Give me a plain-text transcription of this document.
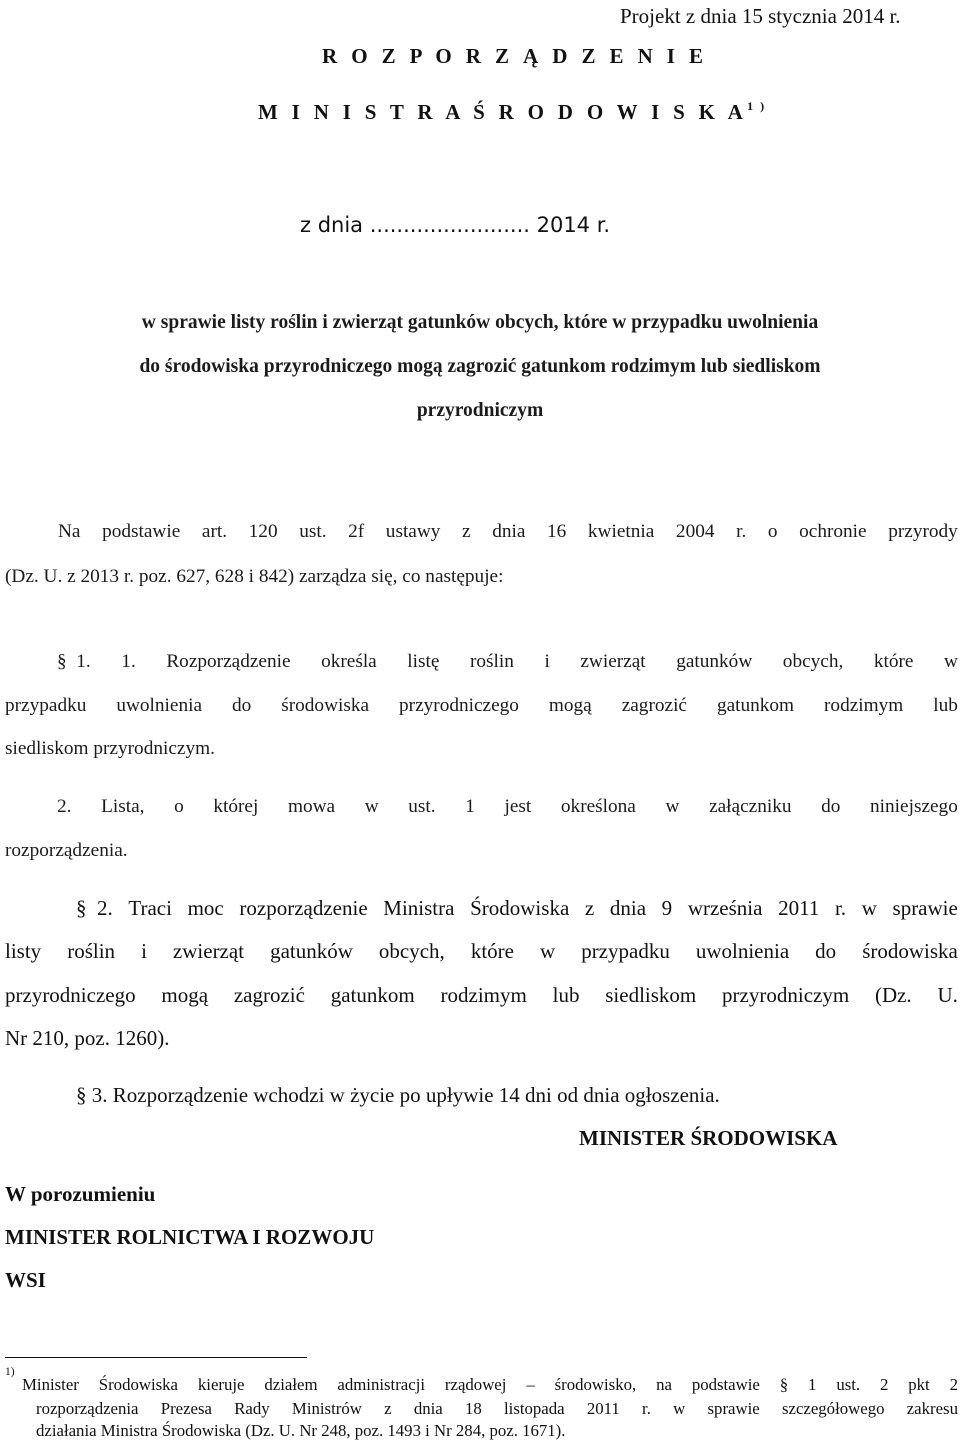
Projekt z dnia 15 stycznia 2014 r.
R O Z P O R Z Ą D Z E N I E
M I N I S T R A Ś R O D O W I S K $A^{1 )}$
z dnia ........................ 2014 r.
w sprawie listy roślin i zwierząt gatunków obcych, które w przypadku uwolnienia
do środowiska przyrodniczego mogą zagrozić gatunkom rodzimym lub siedliskom
przyrodniczym
Na podstawie art. 120 ust. 2f ustawy z dnia 16 kwietnia 2004 r. o ochronie przyrody
(Dz. U. z 2013 r. poz. 627, 628 i 842) zarządza się, co następuje:
§  1. 1. Rozporządzenie określa listę roślin i zwierząt gatunków obcych, które w
przypadku uwolnienia do środowiska przyrodniczego mogą zagrozić gatunkom rodzimym lub
siedliskom przyrodniczym.
2. Lista, o której mowa w ust. 1 jest określona w załączniku do niniejszego
rozporządzenia.
§  2. Traci moc rozporządzenie Ministra Środowiska z dnia 9 września 2011 r. w sprawie
listy roślin i zwierząt gatunków obcych, które w przypadku uwolnienia do środowiska
przyrodniczego mogą zagrozić gatunkom rodzimym lub siedliskom przyrodniczym (Dz. U.
Nr 210, poz. 1260).
§ 3. Rozporządzenie wchodzi w życie po upływie 14 dni od dnia ogłoszenia.
MINISTER ŚRODOWISKA
W porozumieniu
MINISTER ROLNICTWA I ROZWOJU
WSI
1)
Minister Środowiska kieruje działem administracji rządowej – środowisko, na podstawie § 1 ust. 2 pkt 2
rozporządzenia Prezesa Rady Ministrów z dnia 18 listopada 2011 r. w sprawie szczegółowego zakresu
działania Ministra Środowiska (Dz. U. Nr 248, poz. 1493 i Nr 284, poz. 1671).
